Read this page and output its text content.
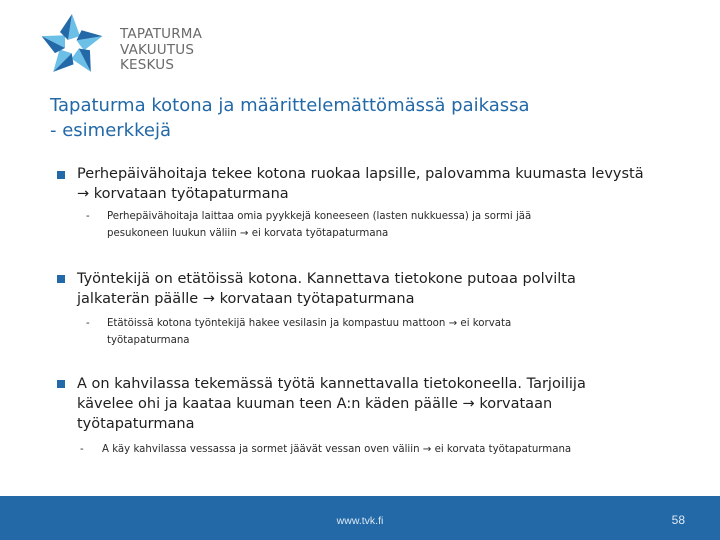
TAPATURMA
VAKUUTUS
KESKUS
Tapaturma kotona ja määrittelemättömässä paikassa
- esimerkkejä
Perhepäivähoitaja tekee kotona ruokaa lapsille, palovamma kuumasta levystä
→ korvataan työtapaturmana
- Perhepäivähoitaja laittaa omia pyykkejä koneeseen (lasten nukkuessa) ja sormi jää
pesukoneen luukun väliin → ei korvata työtapaturmana
Työntekijä on etätöissä kotona. Kannettava tietokone putoaa polvilta
jalkaterän päälle → korvataan työtapaturmana
- Etätöissä kotona työntekijä hakee vesilasin ja kompastuu mattoon → ei korvata
työtapaturmana
A on kahvilassa tekemässä työtä kannettavalla tietokoneella. Tarjoilija
kävelee ohi ja kaataa kuuman teen A:n käden päälle → korvataan
työtapaturmana
- A käy kahvilassa vessassa ja sormet jäävät vessan oven väliin → ei korvata työtapaturmana
www.tvk.fi	58
